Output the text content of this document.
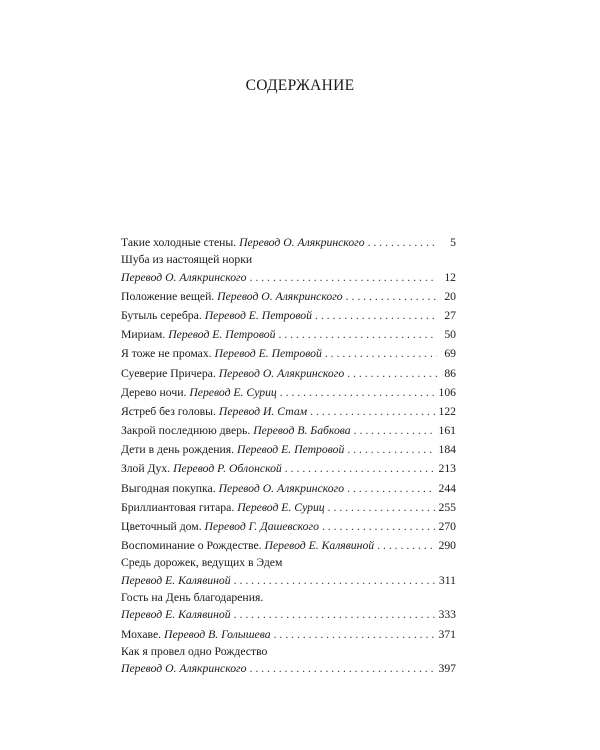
СОДЕРЖАНИЕ
Такие холодные стены. Перевод О. Алякринского . . .	5
Шуба из настоящей норки
Перевод О. Алякринского . . .	12
Положение вещей. Перевод О. Алякринского . . .	20
Бутыль серебра. Перевод Е. Петровой . . .	27
Мириам. Перевод Е. Петровой . . .	50
Я тоже не промах. Перевод Е. Петровой . . .	69
Суеверие Причера. Перевод О. Алякринского . . .	86
Дерево ночи. Перевод Е. Суриц . . .	106
Ястреб без головы. Перевод И. Стам . . .	122
Закрой последнюю дверь. Перевод В. Бабкова . . .	161
Дети в день рождения. Перевод Е. Петровой . . .	184
Злой Дух. Перевод Р. Облонской . . .	213
Выгодная покупка. Перевод О. Алякринского . . .	244
Бриллиантовая гитара. Перевод Е. Суриц . . .	255
Цветочный дом. Перевод Г. Дашевского . . .	270
Воспоминание о Рождестве. Перевод Е. Калявиной . . .	290
Средь дорожек, ведущих в Эдем
Перевод Е. Калявиной . . .	311
Гость на День благодарения.
Перевод Е. Калявиной . . .	333
Мохаве. Перевод В. Голышева . . .	371
Как я провел одно Рождество
Перевод О. Алякринского . . .	397
